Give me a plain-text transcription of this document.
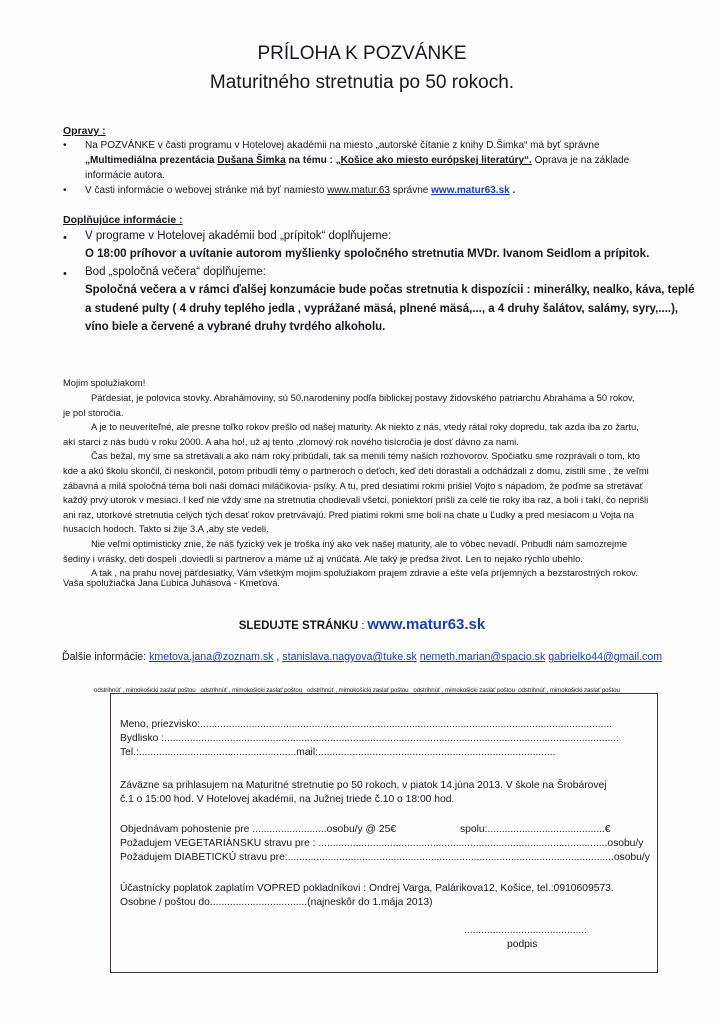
PRÍLOHA K POZVÁNKE
Maturitného stretnutia po 50 rokoch.
Opravy :
• Na POZVÁNKE v časti programu v Hotelovej akadémii na miesto „autorské čítanie z knihy D.Šimka“ má byť správne
„Multimediálna prezentácia Dušana Šimka na tému : „Košice ako miesto európskej literatúry“. Oprava je na základe
informácie autora.
• V časti informácie o webovej stránke má byť namiesto www.matur.63 správne www.matur63.sk .
Doplňujúce informácie :
• V programe v Hotelovej akadémii bod „prípitok“ doplňujeme:
O 18:00 príhovor a uvítanie autorom myšlienky spoločného stretnutia MVDr. Ivanom Seidlom a prípitok.
• Bod „spoločná večera“ doplňujeme:
Spoločná večera a v rámci ďalšej konzumácie bude počas stretnutia k dispozícii : minerálky, nealko, káva, teplé
a studené pulty ( 4 druhy teplého jedla , vyprážané mäsá, plnené mäsá,..., a 4 druhy šalátov, salámy, syry,....),
víno biele a červené a vybrané druhy tvrdého alkoholu.
Mojim spolužiakom!
Päťdesiat, je polovica stovky. Abrahámoviny, sú 50.narodeniny podľa biblickej postavy židovského patriarchu Abraháma a 50 rokov,
je pol storočia.
A je to neuveriteľné, ale presne toľko rokov prešlo od našej maturity. Ak niekto z nás, vtedy rátal roky dopredu, tak azda iba zo žartu,
akí starci z nás budú v roku 2000. A aha ho!, už aj tento ,zlomový rok nového tisícročia je dosť dávno za nami.
Čas bežal, my sme sa stretávali a ako nám roky pribúdali, tak sa menili témy našich rozhovorov. Spočiatku sme rozprávali o tom, kto
kde a akú školu skončil, či neskončil, potom pribudli témy o partneroch o deťoch, keď deti dorastali a odchádzali z domu, zistili sme , že veľmi
zábavná a milá spoločná téma boli naši domáci miláčikovia- psíky. A tu, pred desiatimi rokmi prišiel Vojto s nápadom, že poďme sa stretávať
každý prvý utorok v mesiaci. I keď nie vždy sme na stretnutia chodievali všetci, poniektorí prišli za celé tie roky iba raz, a boli i takí, čo neprišli
ani raz, utorkové stretnutia celých tých desať rokov pretrvávajú. Pred piatimi rokmi sme boli na chate u Ľudky a pred mesiacom u Vojta na
husacích hodoch. Takto si žije 3.A ,aby ste vedeli.
Nie veľmi optimisticky znie, že náš fyzický vek je troška iný ako vek našej maturity, ale to vôbec nevadí. Pribudli nám samozrejme
šediny i vrásky, deti dospeli ,doviedli si partnerov a máme už aj vnúčatá. Ale taký je predsa život. Len to nejako rýchlo ubehlo.
A tak , na prahu novej päťdesiatky, Vám všetkým mojim spolužiakom prajem zdravie a ešte veľa príjemných a bezstarostných rokov.
Vaša spolužiačka Jana Ľubica Juhásová - Kmeťová.
SLEDUJTE STRÁNKU : www.matur63.sk
Ďalšie informácie: kmetova.jana@zoznam.sk , stanislava.nagyova@tuke.sk nemeth.marian@spacio.sk gabrielko44@gmail.com
odstrihnúť , mimokošicki zaslať poštou   odstrihnúť , mimokošicki zaslať poštou   odstrihnúť , mimokošicki zaslať poštou   odstrihnúť , mimokošicki zaslať poštou  odstrihnúť , mimokošicki zaslať poštou
Meno, priezvisko:................................................................................................................................................
Bydlisko :...............................................................................................................................................................
Tel.:.......................................................mail:...................................................................................
Záväzne sa prihlasujem na Maturitné stretnutie po 50 rokoch, v piatok 14.júna 2013. V škole na Šrobárovej
č.1 o 15:00 hod. V Hotelovej akadémii, na Južnej triede č.10 o 18:00 hod.
Objednávam pohostenie pre ..........................osobu/y @ 25€	spolu:.........................................€
Požadujem VEGETARIÁNSKU stravu pre : .....................................................................................................osobu/y
Požadujem DIABETICKÚ stravu pre:..................................................................................................................osobu/y
Účastnícky poplatok zaplatím VOPRED pokladníkovi : Ondrej Varga, Palárikova12, Košice, tel.:0910609573.
Osobne / poštou do..................................(najneskôr do 1.mája 2013)
...........................................
podpis
